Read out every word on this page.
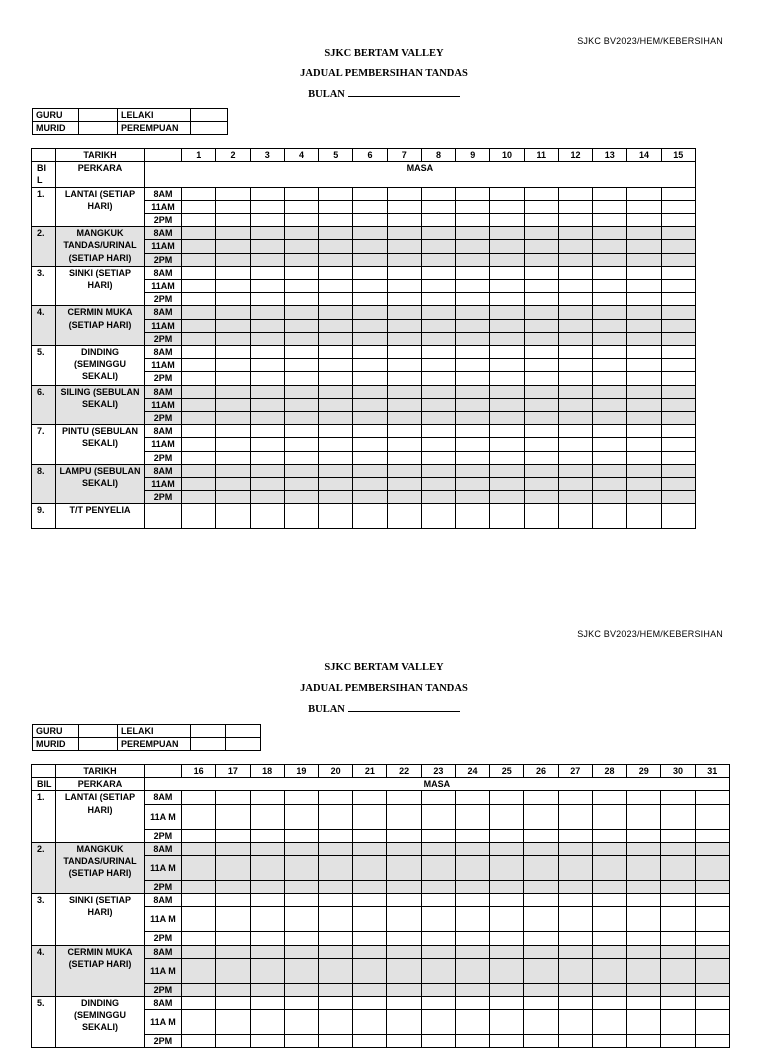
SJKC BV2023/HEM/KEBERSIHAN
SJKC BERTAM VALLEY
JADUAL PEMBERSIHAN TANDAS
BULAN
GURU		LELAKI	
MURID		PEREMPUAN	
	TARIKH		1	2	3	4	5	6	7	8	9	10	11	12	13	14	15
BI L	PERKARA	MASA															
1.	LANTAI (SETIAP HARI)	8AM															
		11AM															
		2PM															
2.	MANGKUK TANDAS/URINAL (SETIAP HARI)	8AM															
		11AM															
		2PM															
3.	SINKI (SETIAP HARI)	8AM															
		11AM															
		2PM															
4.	CERMIN MUKA (SETIAP HARI)	8AM															
		11AM															
		2PM															
5.	DINDING (SEMINGGU SEKALI)	8AM															
		11AM															
		2PM															
6.	SILING (SEBULAN SEKALI)	8AM															
		11AM															
		2PM															
7.	PINTU (SEBULAN SEKALI)	8AM															
		11AM															
		2PM															
8.	LAMPU (SEBULAN SEKALI)	8AM															
		11AM															
		2PM															
9.	T/T PENYELIA																
SJKC BV2023/HEM/KEBERSIHAN
SJKC BERTAM VALLEY
JADUAL PEMBERSIHAN TANDAS
BULAN
GURU		LELAKI		
MURID		PEREMPUAN		
	TARIKH		16	17	18	19	20	21	22	23	24	25	26	27	28	29	30	31
BIL	PERKARA	MASA																
1.	LANTAI (SETIAP HARI)	8AM																
		11A M																
		2PM																
2.	MANGKUK TANDAS/URINAL (SETIAP HARI)	8AM																
		11A M																
		2PM																
3.	SINKI (SETIAP HARI)	8AM																
		11A M																
		2PM																
4.	CERMIN MUKA (SETIAP HARI)	8AM																
		11A M																
		2PM																
5.	DINDING (SEMINGGU SEKALI)	8AM																
		11A M																
		2PM																
